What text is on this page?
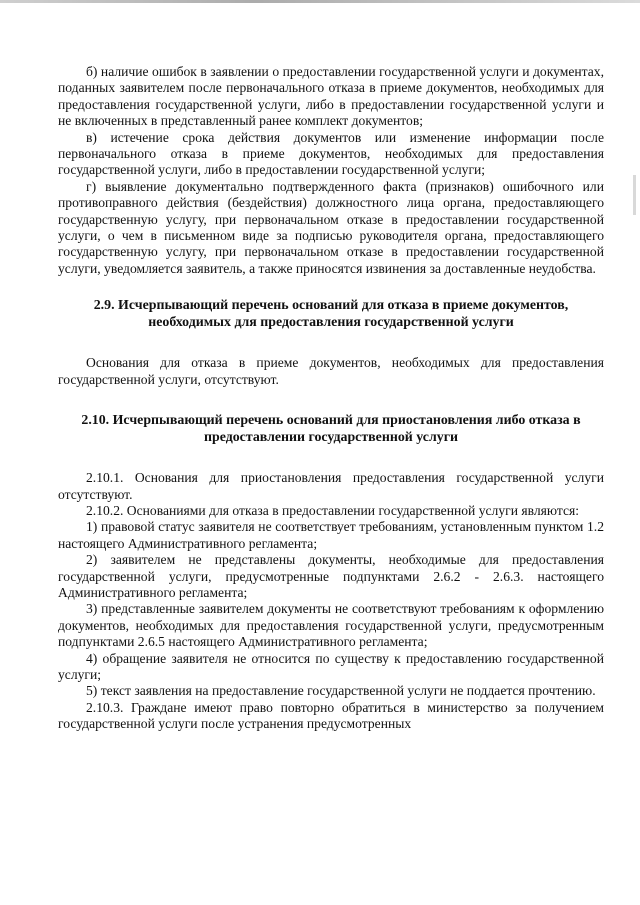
б) наличие ошибок в заявлении о предоставлении государственной услуги и документах, поданных заявителем после первоначального отказа в приеме документов, необходимых для предоставления государственной услуги, либо в предоставлении государственной услуги и не включенных в представленный ранее комплект документов;

в) истечение срока действия документов или изменение информации после первоначального отказа в приеме документов, необходимых для предоставления государственной услуги, либо в предоставлении государственной услуги;

г) выявление документально подтвержденного факта (признаков) ошибочного или противоправного действия (бездействия) должностного лица органа, предоставляющего государственную услугу, при первоначальном отказе в предоставлении государственной услуги, о чем в письменном виде за подписью руководителя органа, предоставляющего государственную услугу, при первоначальном отказе в предоставлении государственной услуги, уведомляется заявитель, а также приносятся извинения за доставленные неудобства.

2.9. Исчерпывающий перечень оснований для отказа в приеме документов, необходимых для предоставления государственной услуги

Основания для отказа в приеме документов, необходимых для предоставления государственной услуги, отсутствуют.

2.10. Исчерпывающий перечень оснований для приостановления либо отказа в предоставлении государственной услуги

2.10.1. Основания для приостановления предоставления государственной услуги отсутствуют.

2.10.2. Основаниями для отказа в предоставлении государственной услуги являются:

1) правовой статус заявителя не соответствует требованиям, установленным пунктом 1.2 настоящего Административного регламента;

2) заявителем не представлены документы, необходимые для предоставления государственной услуги, предусмотренные подпунктами 2.6.2 - 2.6.3. настоящего Административного регламента;

3) представленные заявителем документы не соответствуют требованиям к оформлению документов, необходимых для предоставления государственной услуги, предусмотренным подпунктами 2.6.5 настоящего Административного регламента;

4) обращение заявителя не относится по существу к предоставлению государственной услуги;

5) текст заявления на предоставление государственной услуги не поддается прочтению.

2.10.3. Граждане имеют право повторно обратиться в министерство за получением государственной услуги после устранения предусмотренных
